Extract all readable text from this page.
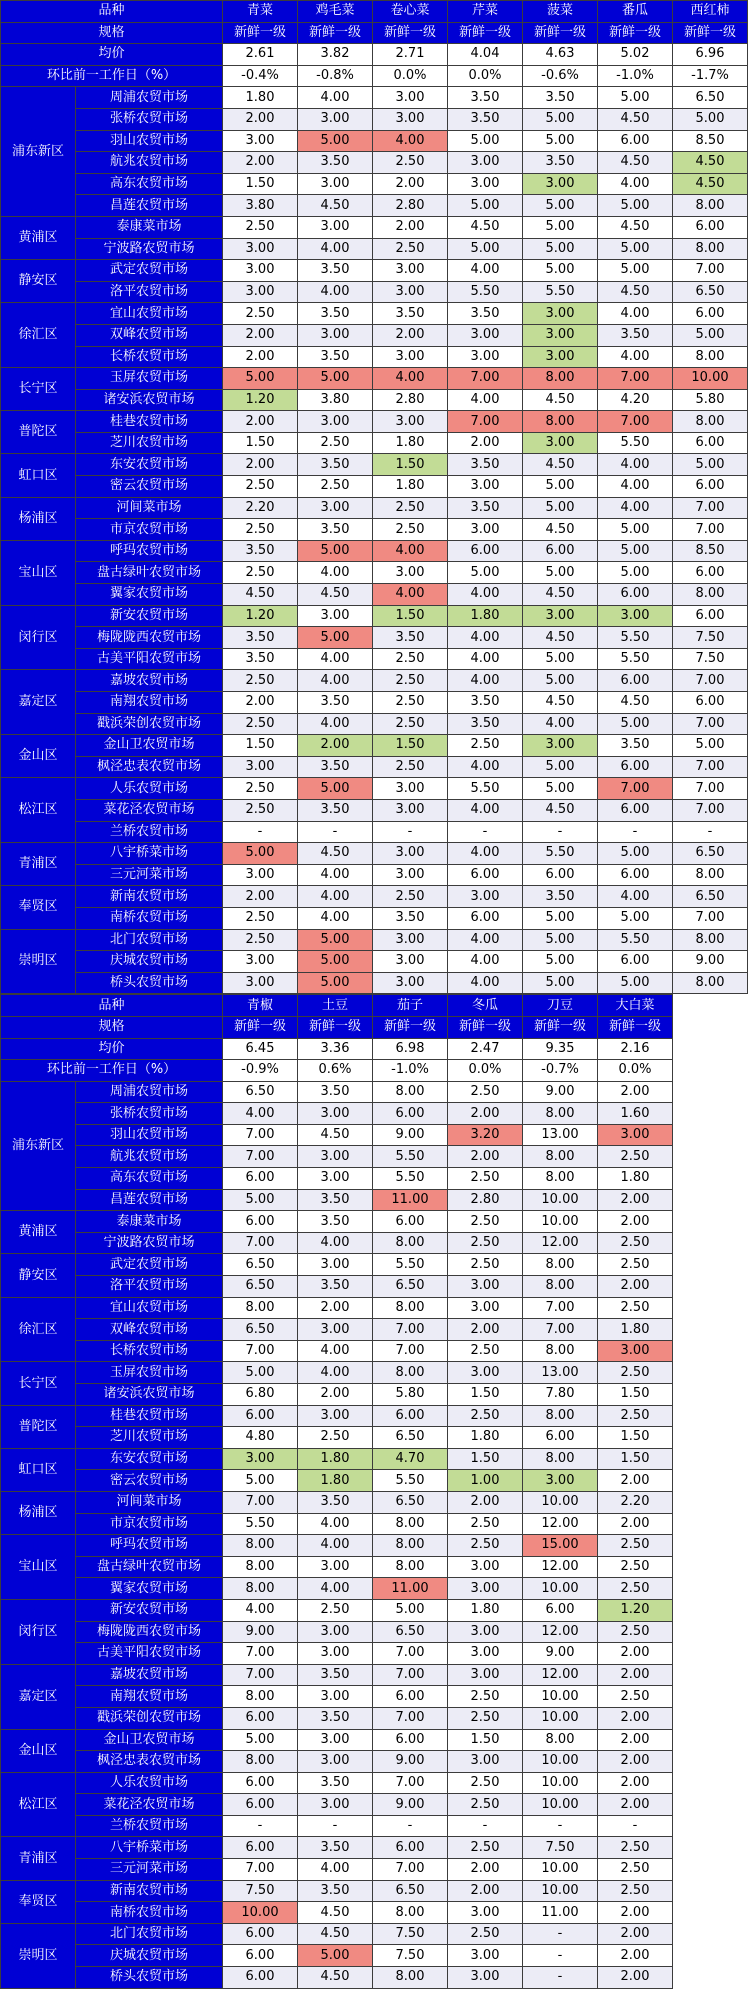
品种		青菜	鸡毛菜	卷心菜	芹菜	菠菜	番瓜	西红柿
规格		新鲜一级	新鲜一级	新鲜一级	新鲜一级	新鲜一级	新鲜一级	新鲜一级
均价		2.61	3.82	2.71	4.04	4.63	5.02	6.96
环比前一工作日（%）		-0.4%	-0.8%	0.0%	0.0%	-0.6%	-1.0%	-1.7%
浦东新区	周浦农贸市场	1.80	4.00	3.00	3.50	3.50	5.00	6.50
	张桥农贸市场	2.00	3.00	3.00	3.50	5.00	4.50	5.00
	羽山农贸市场	3.00	5.00	4.00	5.00	5.00	6.00	8.50
	航兆农贸市场	2.00	3.50	2.50	3.00	3.50	4.50	4.50
	高东农贸市场	1.50	3.00	2.00	3.00	3.00	4.00	4.50
	昌莲农贸市场	3.80	4.50	2.80	5.00	5.00	5.00	8.00
黄浦区	泰康菜市场	2.50	3.00	2.00	4.50	5.00	4.50	6.00
	宁波路农贸市场	3.00	4.00	2.50	5.00	5.00	5.00	8.00
静安区	武定农贸市场	3.00	3.50	3.00	4.00	5.00	5.00	7.00
	洛平农贸市场	3.00	4.00	3.00	5.50	5.50	4.50	6.50
徐汇区	宜山农贸市场	2.50	3.50	3.50	3.50	3.00	4.00	6.00
	双峰农贸市场	2.00	3.00	2.00	3.00	3.00	3.50	5.00
	长桥农贸市场	2.00	3.50	3.00	3.00	3.00	4.00	8.00
长宁区	玉屏农贸市场	5.00	5.00	4.00	7.00	8.00	7.00	10.00
	诸安浜农贸市场	1.20	3.80	2.80	4.00	4.50	4.20	5.80
普陀区	桂巷农贸市场	2.00	3.00	3.00	7.00	8.00	7.00	8.00
	芝川农贸市场	1.50	2.50	1.80	2.00	3.00	5.50	6.00
虹口区	东安农贸市场	2.00	3.50	1.50	3.50	4.50	4.00	5.00
	密云农贸市场	2.50	2.50	1.80	3.00	5.00	4.00	6.00
杨浦区	河间菜市场	2.20	3.00	2.50	3.50	5.00	4.00	7.00
	市京农贸市场	2.50	3.50	2.50	3.00	4.50	5.00	7.00
宝山区	呼玛农贸市场	3.50	5.00	4.00	6.00	6.00	5.00	8.50
	盘古绿叶农贸市场	2.50	4.00	3.00	5.00	5.00	5.00	6.00
	翼家农贸市场	4.50	4.50	4.00	4.00	4.50	6.00	8.00
闵行区	新安农贸市场	1.20	3.00	1.50	1.80	3.00	3.00	6.00
	梅陇陇西农贸市场	3.50	5.00	3.50	4.00	4.50	5.50	7.50
	古美平阳农贸市场	3.50	4.00	2.50	4.00	5.00	5.50	7.50
嘉定区	嘉坡农贸市场	2.50	4.00	2.50	4.00	5.00	6.00	7.00
	南翔农贸市场	2.00	3.50	2.50	3.50	4.50	4.50	6.00
	戳浜荣创农贸市场	2.50	4.00	2.50	3.50	4.00	5.00	7.00
金山区	金山卫农贸市场	1.50	2.00	1.50	2.50	3.00	3.50	5.00
	枫泾忠表农贸市场	3.00	3.50	2.50	4.00	5.00	6.00	7.00
松江区	人乐农贸市场	2.50	5.00	3.00	5.50	5.00	7.00	7.00
	菜花泾农贸市场	2.50	3.50	3.00	4.00	4.50	6.00	7.00
	兰桥农贸市场	-	-	-	-	-	-	-
青浦区	八宇桥菜市场	5.00	4.50	3.00	4.00	5.50	5.00	6.50
	三元河菜市场	3.00	4.00	3.00	6.00	6.00	6.00	8.00
奉贤区	新南农贸市场	2.00	4.00	2.50	3.00	3.50	4.00	6.50
	南桥农贸市场	2.50	4.00	3.50	6.00	5.00	5.00	7.00
崇明区	北门农贸市场	2.50	5.00	3.00	4.00	5.00	5.50	8.00
	庆城农贸市场	3.00	5.00	3.00	4.00	5.00	6.00	9.00
	桥头农贸市场	3.00	5.00	3.00	4.00	5.00	5.00	8.00
品种		青椒	土豆	茄子	冬瓜	刀豆	大白菜	
规格		新鲜一级	新鲜一级	新鲜一级	新鲜一级	新鲜一级	新鲜一级	
均价		6.45	3.36	6.98	2.47	9.35	2.16	
环比前一工作日（%）		-0.9%	0.6%	-1.0%	0.0%	-0.7%	0.0%	
浦东新区	周浦农贸市场	6.50	3.50	8.00	2.50	9.00	2.00	
	张桥农贸市场	4.00	3.00	6.00	2.00	8.00	1.60	
	羽山农贸市场	7.00	4.50	9.00	3.20	13.00	3.00	
	航兆农贸市场	7.00	3.00	5.50	2.00	8.00	2.50	
	高东农贸市场	6.00	3.00	5.50	2.50	8.00	1.80	
	昌莲农贸市场	5.00	3.50	11.00	2.80	10.00	2.00	
黄浦区	泰康菜市场	6.00	3.50	6.00	2.50	10.00	2.00	
	宁波路农贸市场	7.00	4.00	8.00	2.50	12.00	2.50	
静安区	武定农贸市场	6.50	3.00	5.50	2.50	8.00	2.50	
	洛平农贸市场	6.50	3.50	6.50	3.00	8.00	2.00	
徐汇区	宜山农贸市场	8.00	2.00	8.00	3.00	7.00	2.50	
	双峰农贸市场	6.50	3.00	7.00	2.00	7.00	1.80	
	长桥农贸市场	7.00	4.00	7.00	2.50	8.00	3.00	
长宁区	玉屏农贸市场	5.00	4.00	8.00	3.00	13.00	2.50	
	诸安浜农贸市场	6.80	2.00	5.80	1.50	7.80	1.50	
普陀区	桂巷农贸市场	6.00	3.00	6.00	2.50	8.00	2.50	
	芝川农贸市场	4.80	2.50	6.50	1.80	6.00	1.50	
虹口区	东安农贸市场	3.00	1.80	4.70	1.50	8.00	1.50	
	密云农贸市场	5.00	1.80	5.50	1.00	3.00	2.00	
杨浦区	河间菜市场	7.00	3.50	6.50	2.00	10.00	2.20	
	市京农贸市场	5.50	4.00	8.00	2.50	12.00	2.00	
宝山区	呼玛农贸市场	8.00	4.00	8.00	2.50	15.00	2.50	
	盘古绿叶农贸市场	8.00	3.00	8.00	3.00	12.00	2.50	
	翼家农贸市场	8.00	4.00	11.00	3.00	10.00	2.50	
闵行区	新安农贸市场	4.00	2.50	5.00	1.80	6.00	1.20	
	梅陇陇西农贸市场	9.00	3.00	6.50	3.00	12.00	2.50	
	古美平阳农贸市场	7.00	3.00	7.00	3.00	9.00	2.00	
嘉定区	嘉坡农贸市场	7.00	3.50	7.00	3.00	12.00	2.00	
	南翔农贸市场	8.00	3.00	6.00	2.50	10.00	2.50	
	戳浜荣创农贸市场	6.00	3.50	7.00	2.50	10.00	2.00	
金山区	金山卫农贸市场	5.00	3.00	6.00	1.50	8.00	2.00	
	枫泾忠表农贸市场	8.00	3.00	9.00	3.00	10.00	2.00	
松江区	人乐农贸市场	6.00	3.50	7.00	2.50	10.00	2.00	
	菜花泾农贸市场	6.00	3.00	9.00	2.50	10.00	2.00	
	兰桥农贸市场	-	-	-	-	-	-	
青浦区	八宇桥菜市场	6.00	3.50	6.00	2.50	7.50	2.50	
	三元河菜市场	7.00	4.00	7.00	2.00	10.00	2.50	
奉贤区	新南农贸市场	7.50	3.50	6.50	2.00	10.00	2.50	
	南桥农贸市场	10.00	4.50	8.00	3.00	11.00	2.00	
崇明区	北门农贸市场	6.00	4.50	7.50	2.50	-	2.00	
	庆城农贸市场	6.00	5.00	7.50	3.00	-	2.00	
	桥头农贸市场	6.00	4.50	8.00	3.00	-	2.00	
